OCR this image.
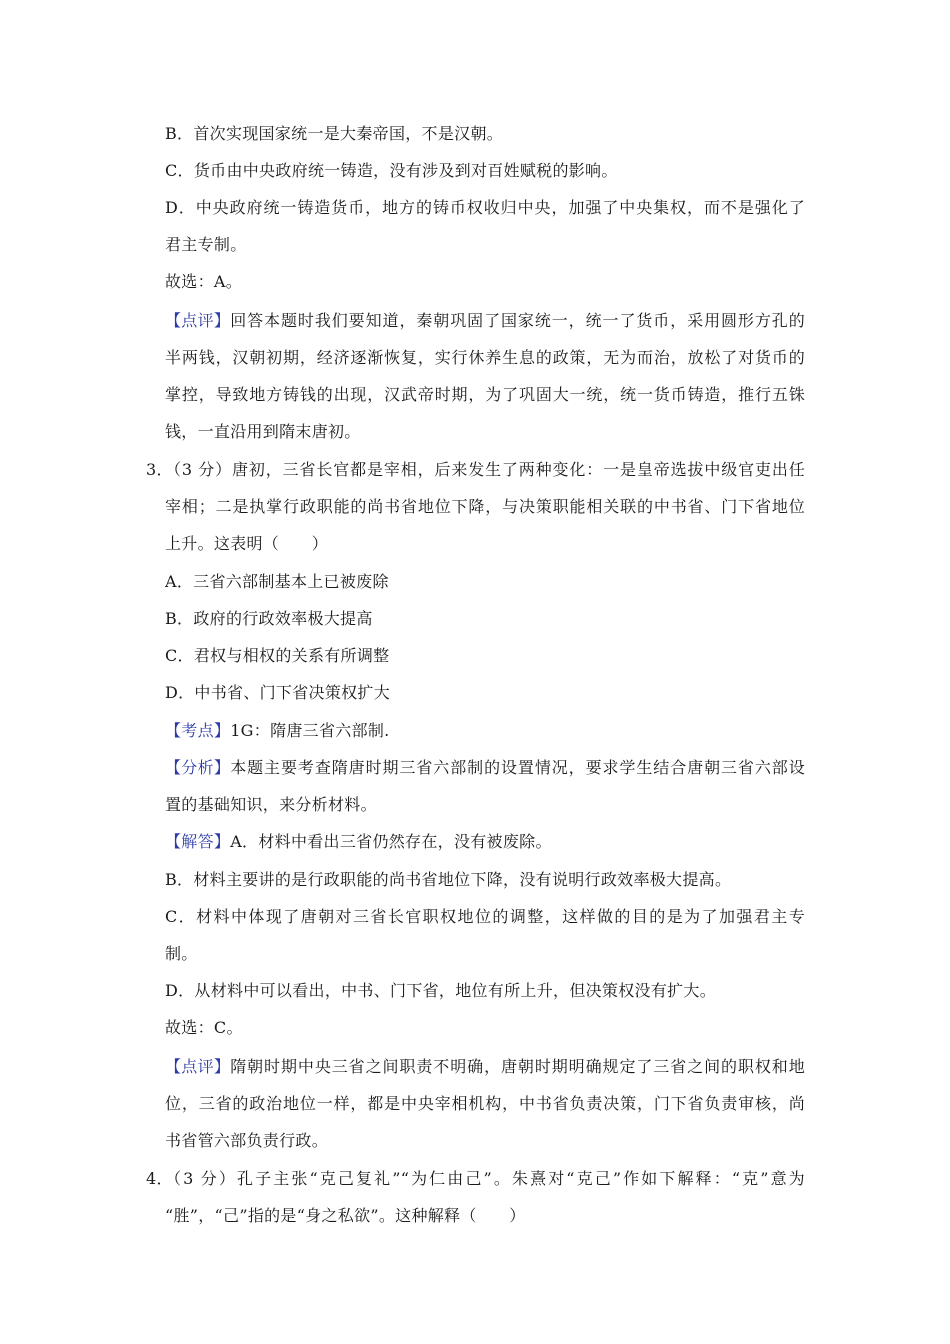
B．首次实现国家统一是大秦帝国，不是汉朝。
C．货币由中央政府统一铸造，没有涉及到对百姓赋税的影响。
D．中央政府统一铸造货币，地方的铸币权收归中央，加强了中央集权，而不是强化了
君主专制。
故选：A。
【点评】 回答本题时我们要知道，秦朝巩固了国家统一，统一了货币，采用圆形方孔的
半两钱，汉朝初期，经济逐渐恢复，实行休养生息的政策，无为而治，放松了对货币的
掌控，导致地方铸钱的出现，汉武帝时期，为了巩固大一统，统一货币铸造，推行五铢
钱，一直沿用到隋末唐初。
3．
（3 分）唐初，三省长官都是宰相，后来发生了两种变化：一是皇帝选拔中级官吏出任
宰相；二是执掌行政职能的尚书省地位下降，与决策职能相关联的中书省、门下省地位
上升。这表明（　　）
A．三省六部制基本上已被废除
B．政府的行政效率极大提高
C．君权与相权的关系有所调整
D．中书省、门下省决策权扩大
【考点】1G：隋唐三省六部制.
【分析】 本题主要考查隋唐时期三省六部制的设置情况，要求学生结合唐朝三省六部设
置的基础知识，来分析材料。
【解答】A．材料中看出三省仍然存在，没有被废除。
B．材料主要讲的是行政职能的尚书省地位下降，没有说明行政效率极大提高。
C．材料中体现了唐朝对三省长官职权地位的调整，这样做的目的是为了加强君主专
制。
D．从材料中可以看出，中书、门下省，地位有所上升，但决策权没有扩大。
故选：C。
【点评】 隋朝时期中央三省之间职责不明确，唐朝时期明确规定了三省之间的职权和地
位，三省的政治地位一样，都是中央宰相机构，中书省负责决策，门下省负责审核，尚
书省管六部负责行政。
4．
（3 分）孔子主张“克己复礼”“为仁由己”。朱熹对“克己”作如下解释：“克”意为
“胜”，“己”指的是“身之私欲”。这种解释（　　）
